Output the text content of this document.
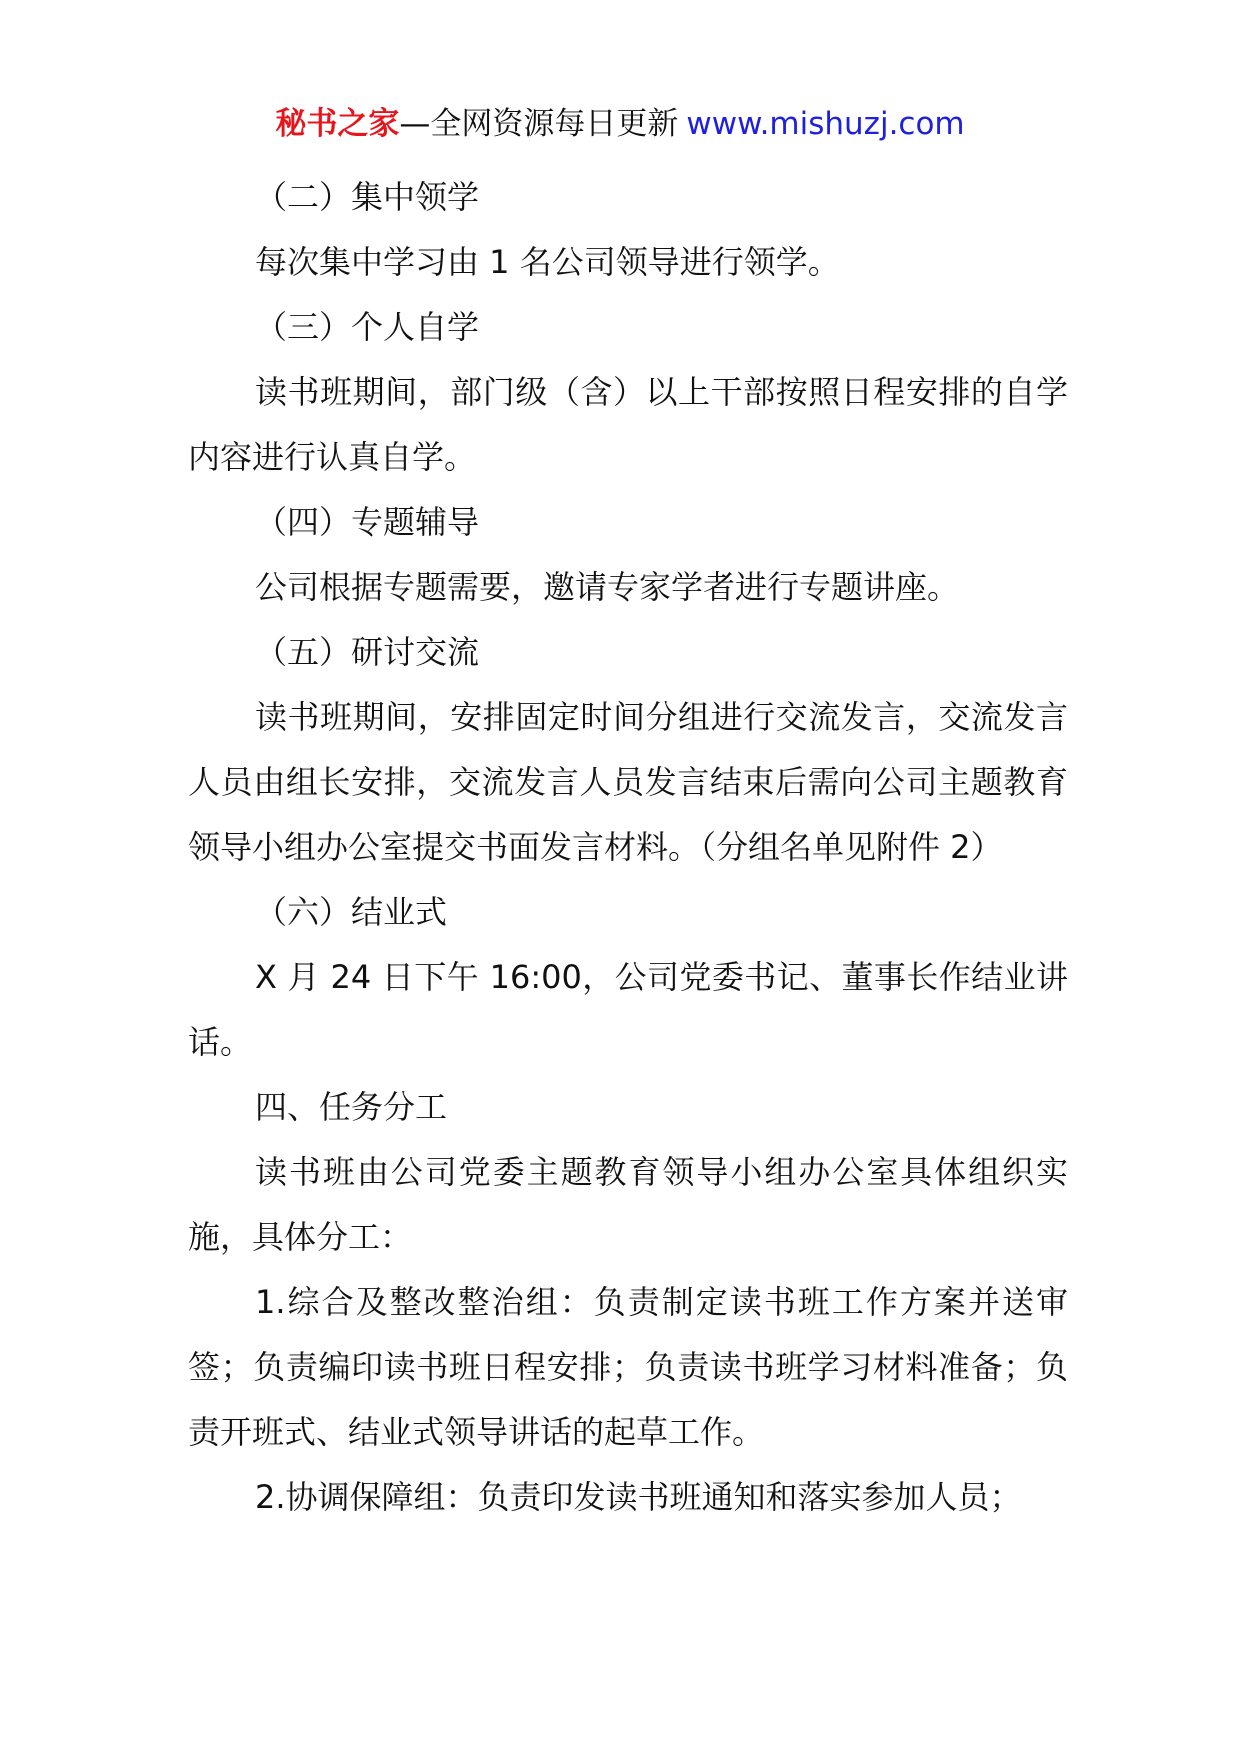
秘书之家—全网资源每日更新 www.mishuzj.com

（二）集中领学

每次集中学习由 1 名公司领导进行领学。

（三）个人自学

读书班期间，部门级（含）以上干部按照日程安排的自学内容进行认真自学。

（四）专题辅导

公司根据专题需要，邀请专家学者进行专题讲座。

（五）研讨交流

读书班期间，安排固定时间分组进行交流发言，交流发言人员由组长安排，交流发言人员发言结束后需向公司主题教育领导小组办公室提交书面发言材料。（分组名单见附件 2）

（六）结业式

X 月 24 日下午 16:00，公司党委书记、董事长作结业讲话。

四、任务分工

读书班由公司党委主题教育领导小组办公室具体组织实施，具体分工：

1.综合及整改整治组：负责制定读书班工作方案并送审签；负责编印读书班日程安排；负责读书班学习材料准备；负责开班式、结业式领导讲话的起草工作。

2.协调保障组：负责印发读书班通知和落实参加人员；
